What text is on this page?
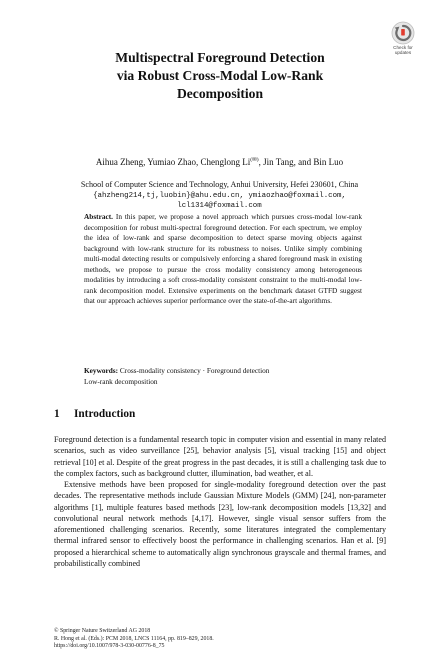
Check for
updates
Multispectral Foreground Detection
via Robust Cross-Modal Low-Rank
Decomposition
Aihua Zheng, Yumiao Zhao, Chenglong Li(✉), Jin Tang, and Bin Luo
School of Computer Science and Technology, Anhui University, Hefei 230601, China
{ahzheng214,tj,luobin}@ahu.edu.cn, ymiaozhao@foxmail.com,
lcl1314@foxmail.com
Abstract. In this paper, we propose a novel approach which pursues cross-modal low-rank decomposition for robust multi-spectral foreground detection. For each spectrum, we employ the idea of low-rank and sparse decomposition to detect sparse moving objects against background with low-rank structure for its robustness to noises. Unlike simply combining multi-modal detecting results or compulsively enforcing a shared foreground mask in existing methods, we propose to pursue the cross modality consistency among heterogeneous modalities by introducing a soft cross-modality consistent constraint to the multi-modal low-rank decomposition model. Extensive experiments on the benchmark dataset GTFD suggest that our approach achieves superior performance over the state-of-the-art algorithms.
Keywords: Cross-modality consistency · Foreground detection
Low-rank decomposition
1 Introduction

Foreground detection is a fundamental research topic in computer vision and essential in many related scenarios, such as video surveillance [25], behavior analysis [5], visual tracking [15] and object retrieval [10] et al. Despite of the great progress in the past decades, it is still a challenging task due to the complex factors, such as background clutter, illumination, bad weather, et al.

Extensive methods have been proposed for single-modality foreground detection over the past decades. The representative methods include Gaussian Mixture Models (GMM) [24], non-parameter algorithms [1], multiple features based methods [23], low-rank decomposition models [13,32] and convolutional neural network methods [4,17]. However, single visual sensor suffers from the aforementioned challenging scenarios. Recently, some literatures integrated the complementary thermal infrared sensor to effectively boost the performance in challenging scenarios. Han et al. [9] proposed a hierarchical scheme to automatically align synchronous grayscale and thermal frames, and probabilistically combined

© Springer Nature Switzerland AG 2018
R. Hong et al. (Eds.): PCM 2018, LNCS 11164, pp. 819–829, 2018.
https://doi.org/10.1007/978-3-030-00776-8_75
